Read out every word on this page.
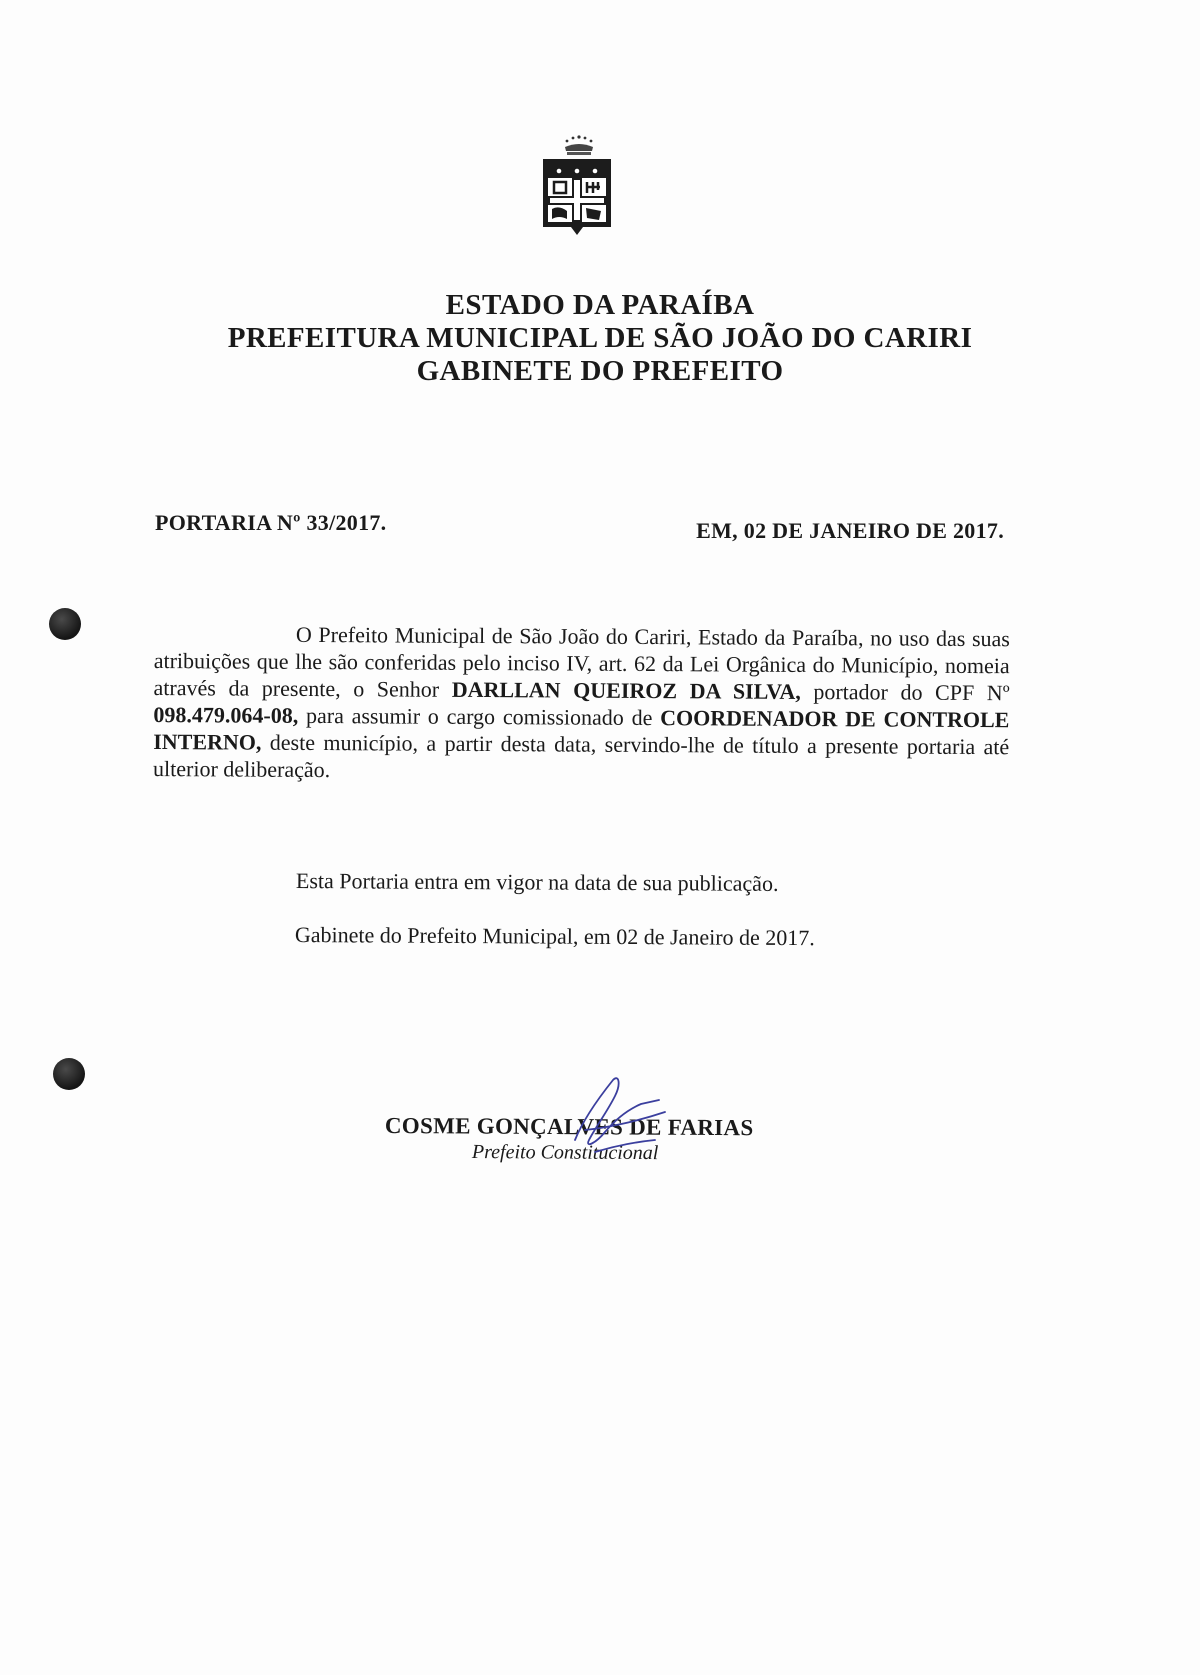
ESTADO DA PARAÍBA
PREFEITURA MUNICIPAL DE SÃO JOÃO DO CARIRI
GABINETE DO PREFEITO
PORTARIA Nº 33/2017.	EM, 02 DE JANEIRO DE 2017.
O Prefeito Municipal de São João do Cariri, Estado da Paraíba, no uso das suas atribuições que lhe são conferidas pelo inciso IV, art. 62 da Lei Orgânica do Município, nomeia através da presente, o Senhor DARLLAN QUEIROZ DA SILVA, portador do CPF Nº 098.479.064-08, para assumir o cargo comissionado de COORDENADOR DE CONTROLE INTERNO, deste município, a partir desta data, servindo-lhe de título a presente portaria até ulterior deliberação.
Esta Portaria entra em vigor na data de sua publicação.
Gabinete do Prefeito Municipal, em 02 de Janeiro de 2017.
COSME GONÇALVES DE FARIAS
Prefeito Constitucional
